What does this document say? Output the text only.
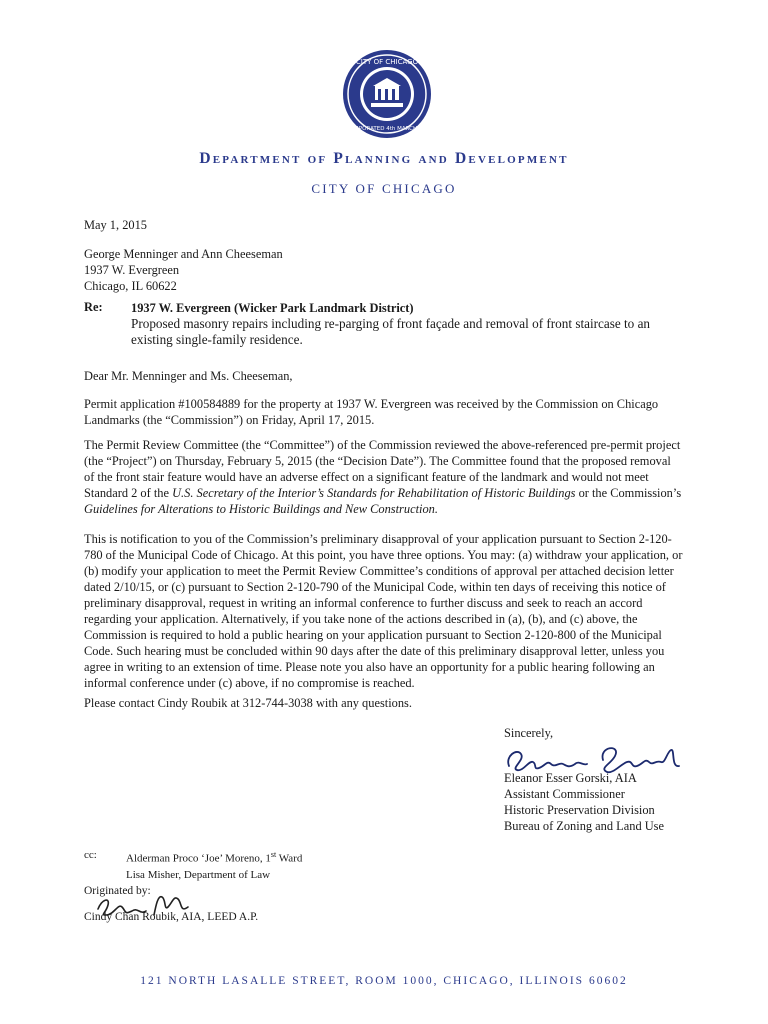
CITY OF CHICAGO
INCORPORATED 4th MARCH 1837
Department of Planning and Development
CITY OF CHICAGO
May 1, 2015
George Menninger and Ann Cheeseman
1937 W. Evergreen
Chicago, IL 60622
Re: 1937 W. Evergreen (Wicker Park Landmark District)
Proposed masonry repairs including re-parging of front façade and removal of front staircase to an existing single-family residence.
Dear Mr. Menninger and Ms. Cheeseman,

Permit application #100584889 for the property at 1937 W. Evergreen was received by the Commission on Chicago Landmarks (the “Commission”) on Friday, April 17, 2015.

The Permit Review Committee (the “Committee”) of the Commission reviewed the above-referenced pre-permit project (the “Project”) on Thursday, February 5, 2015 (the “Decision Date”). The Committee found that the proposed removal of the front stair feature would have an adverse effect on a significant feature of the landmark and would not meet Standard 2 of the U.S. Secretary of the Interior’s Standards for Rehabilitation of Historic Buildings or the Commission’s Guidelines for Alterations to Historic Buildings and New Construction.

This is notification to you of the Commission’s preliminary disapproval of your application pursuant to Section 2-120-780 of the Municipal Code of Chicago. At this point, you have three options. You may: (a) withdraw your application, or (b) modify your application to meet the Permit Review Committee’s conditions of approval per attached decision letter dated 2/10/15, or (c) pursuant to Section 2-120-790 of the Municipal Code, within ten days of receiving this notice of preliminary disapproval, request in writing an informal conference to further discuss and seek to reach an accord regarding your application. Alternatively, if you take none of the actions described in (a), (b), and (c) above, the Commission is required to hold a public hearing on your application pursuant to Section 2-120-800 of the Municipal Code. Such hearing must be concluded within 90 days after the date of this preliminary disapproval letter, unless you agree in writing to an extension of time. Please note you also have an opportunity for a public hearing following an informal conference under (c) above, if no compromise is reached.

Please contact Cindy Roubik at 312-744-3038 with any questions.

Sincerely,
Eleanor Esser Gorski, AIA
Assistant Commissioner
Historic Preservation Division
Bureau of Zoning and Land Use
cc:	Alderman Proco ‘Joe’ Moreno, 1st Ward
Lisa Misher, Department of Law
Originated by:
Cindy Chan Roubik, AIA, LEED A.P.
121 NORTH LASALLE STREET, ROOM 1000, CHICAGO, ILLINOIS 60602
